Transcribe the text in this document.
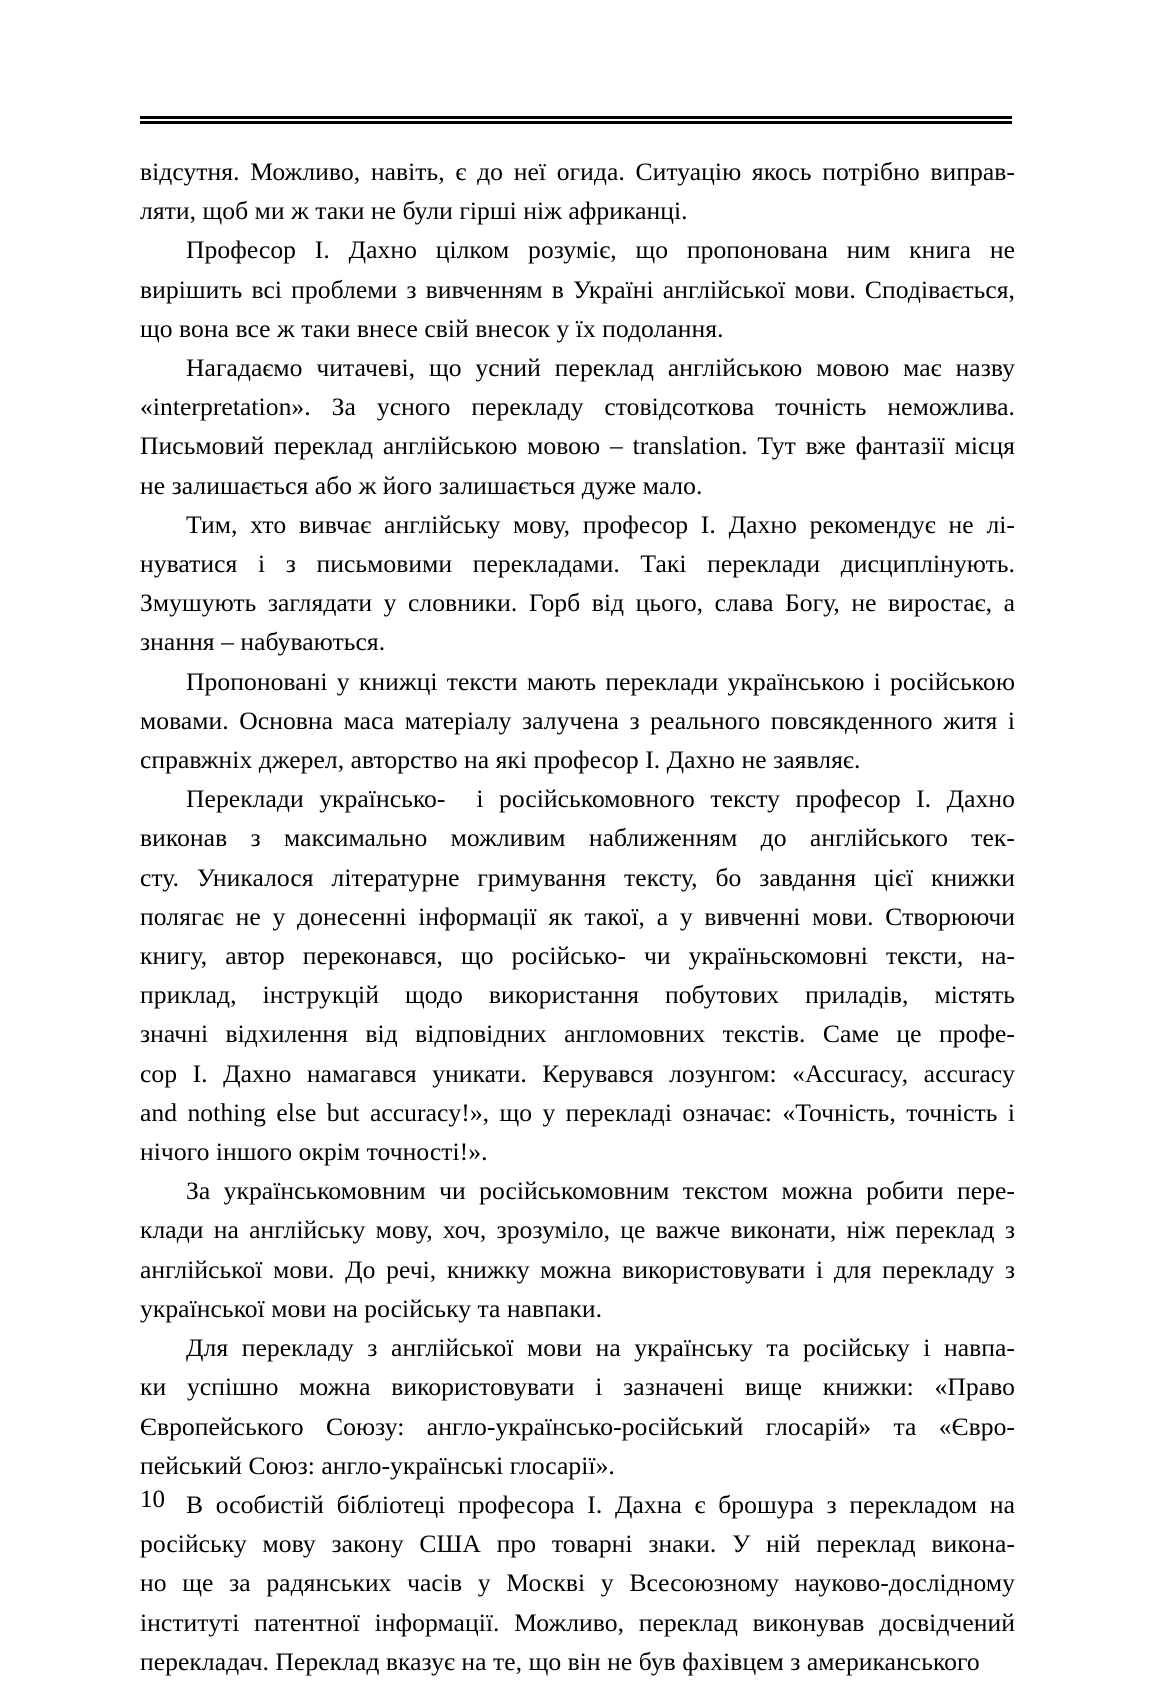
відсутня. Можливо, навіть, є до неї огида. Ситуацію якось потрібно виправ-
ляти, щоб ми ж таки не були гірші ніж африканці.

Професор І. Дахно цілком розуміє, що пропонована ним книга не
вирішить всі проблеми з вивченням в Україні англійської мови. Сподівається,
що вона все ж таки внесе свій внесок у їх подолання.

Нагадаємо читачеві, що усний переклад англійською мовою має назву
«interpretation». За усного перекладу стовідсоткова точність неможлива.
Письмовий переклад англійською мовою – translation. Тут вже фантазії місця
не залишається або ж його залишається дуже мало.

Тим, хто вивчає англійську мову, професор І. Дахно рекомендує не лі-
нуватися і з письмовими перекладами. Такі переклади дисциплінують.
Змушують заглядати у словники. Горб від цього, слава Богу, не виростає, а
знання – набуваються.

Пропоновані у книжці тексти мають переклади українською і російською
мовами. Основна маса матеріалу залучена з реального повсякденного житя і
справжніх джерел, авторство на які професор І. Дахно не заявляє.

Переклади українсько-  і російськомовного тексту професор І. Дахно
виконав з максимально можливим наближенням до англійського тек-
сту. Уникалося літературне гримування тексту, бо завдання цієї книжки
полягає не у донесенні інформації як такої, а у вивченні мови. Створюючи
книгу, автор переконався, що російсько- чи україньскомовні тексти, на-
приклад, інструкцій щодо використання побутових приладів, містять
значні відхилення від відповідних англомовних текстів. Саме це профе-
сор І. Дахно намагався уникати. Керувався лозунгом: «Accuracy, accuracy
and nothing else but accuracy!», що у перекладі означає: «Точність, точність і
нічого іншого окрім точності!».

За українськомовним чи російськомовним текстом можна робити пере-
клади на англійську мову, хоч, зрозуміло, це важче виконати, ніж переклад з
англійської мови. До речі, книжку можна використовувати і для перекладу з
української мови на російську та навпаки.

Для перекладу з англійської мови на українську та російську і навпа-
ки успішно можна використовувати і зазначені вище книжки: «Право
Європейського Союзу: англо-українсько-російський глосарій» та «Євро-
пейський Союз: англо-українські глосарії».

В особистій бібліотеці професора І. Дахна є брошура з перекладом на
російську мову закону США про товарні знаки. У ній переклад викона-
но ще за радянських часів у Москві у Всесоюзному науково-дослідному
інституті патентної інформації. Можливо, переклад виконував досвідчений
перекладач. Переклад вказує на те, що він не був фахівцем з американського

10
